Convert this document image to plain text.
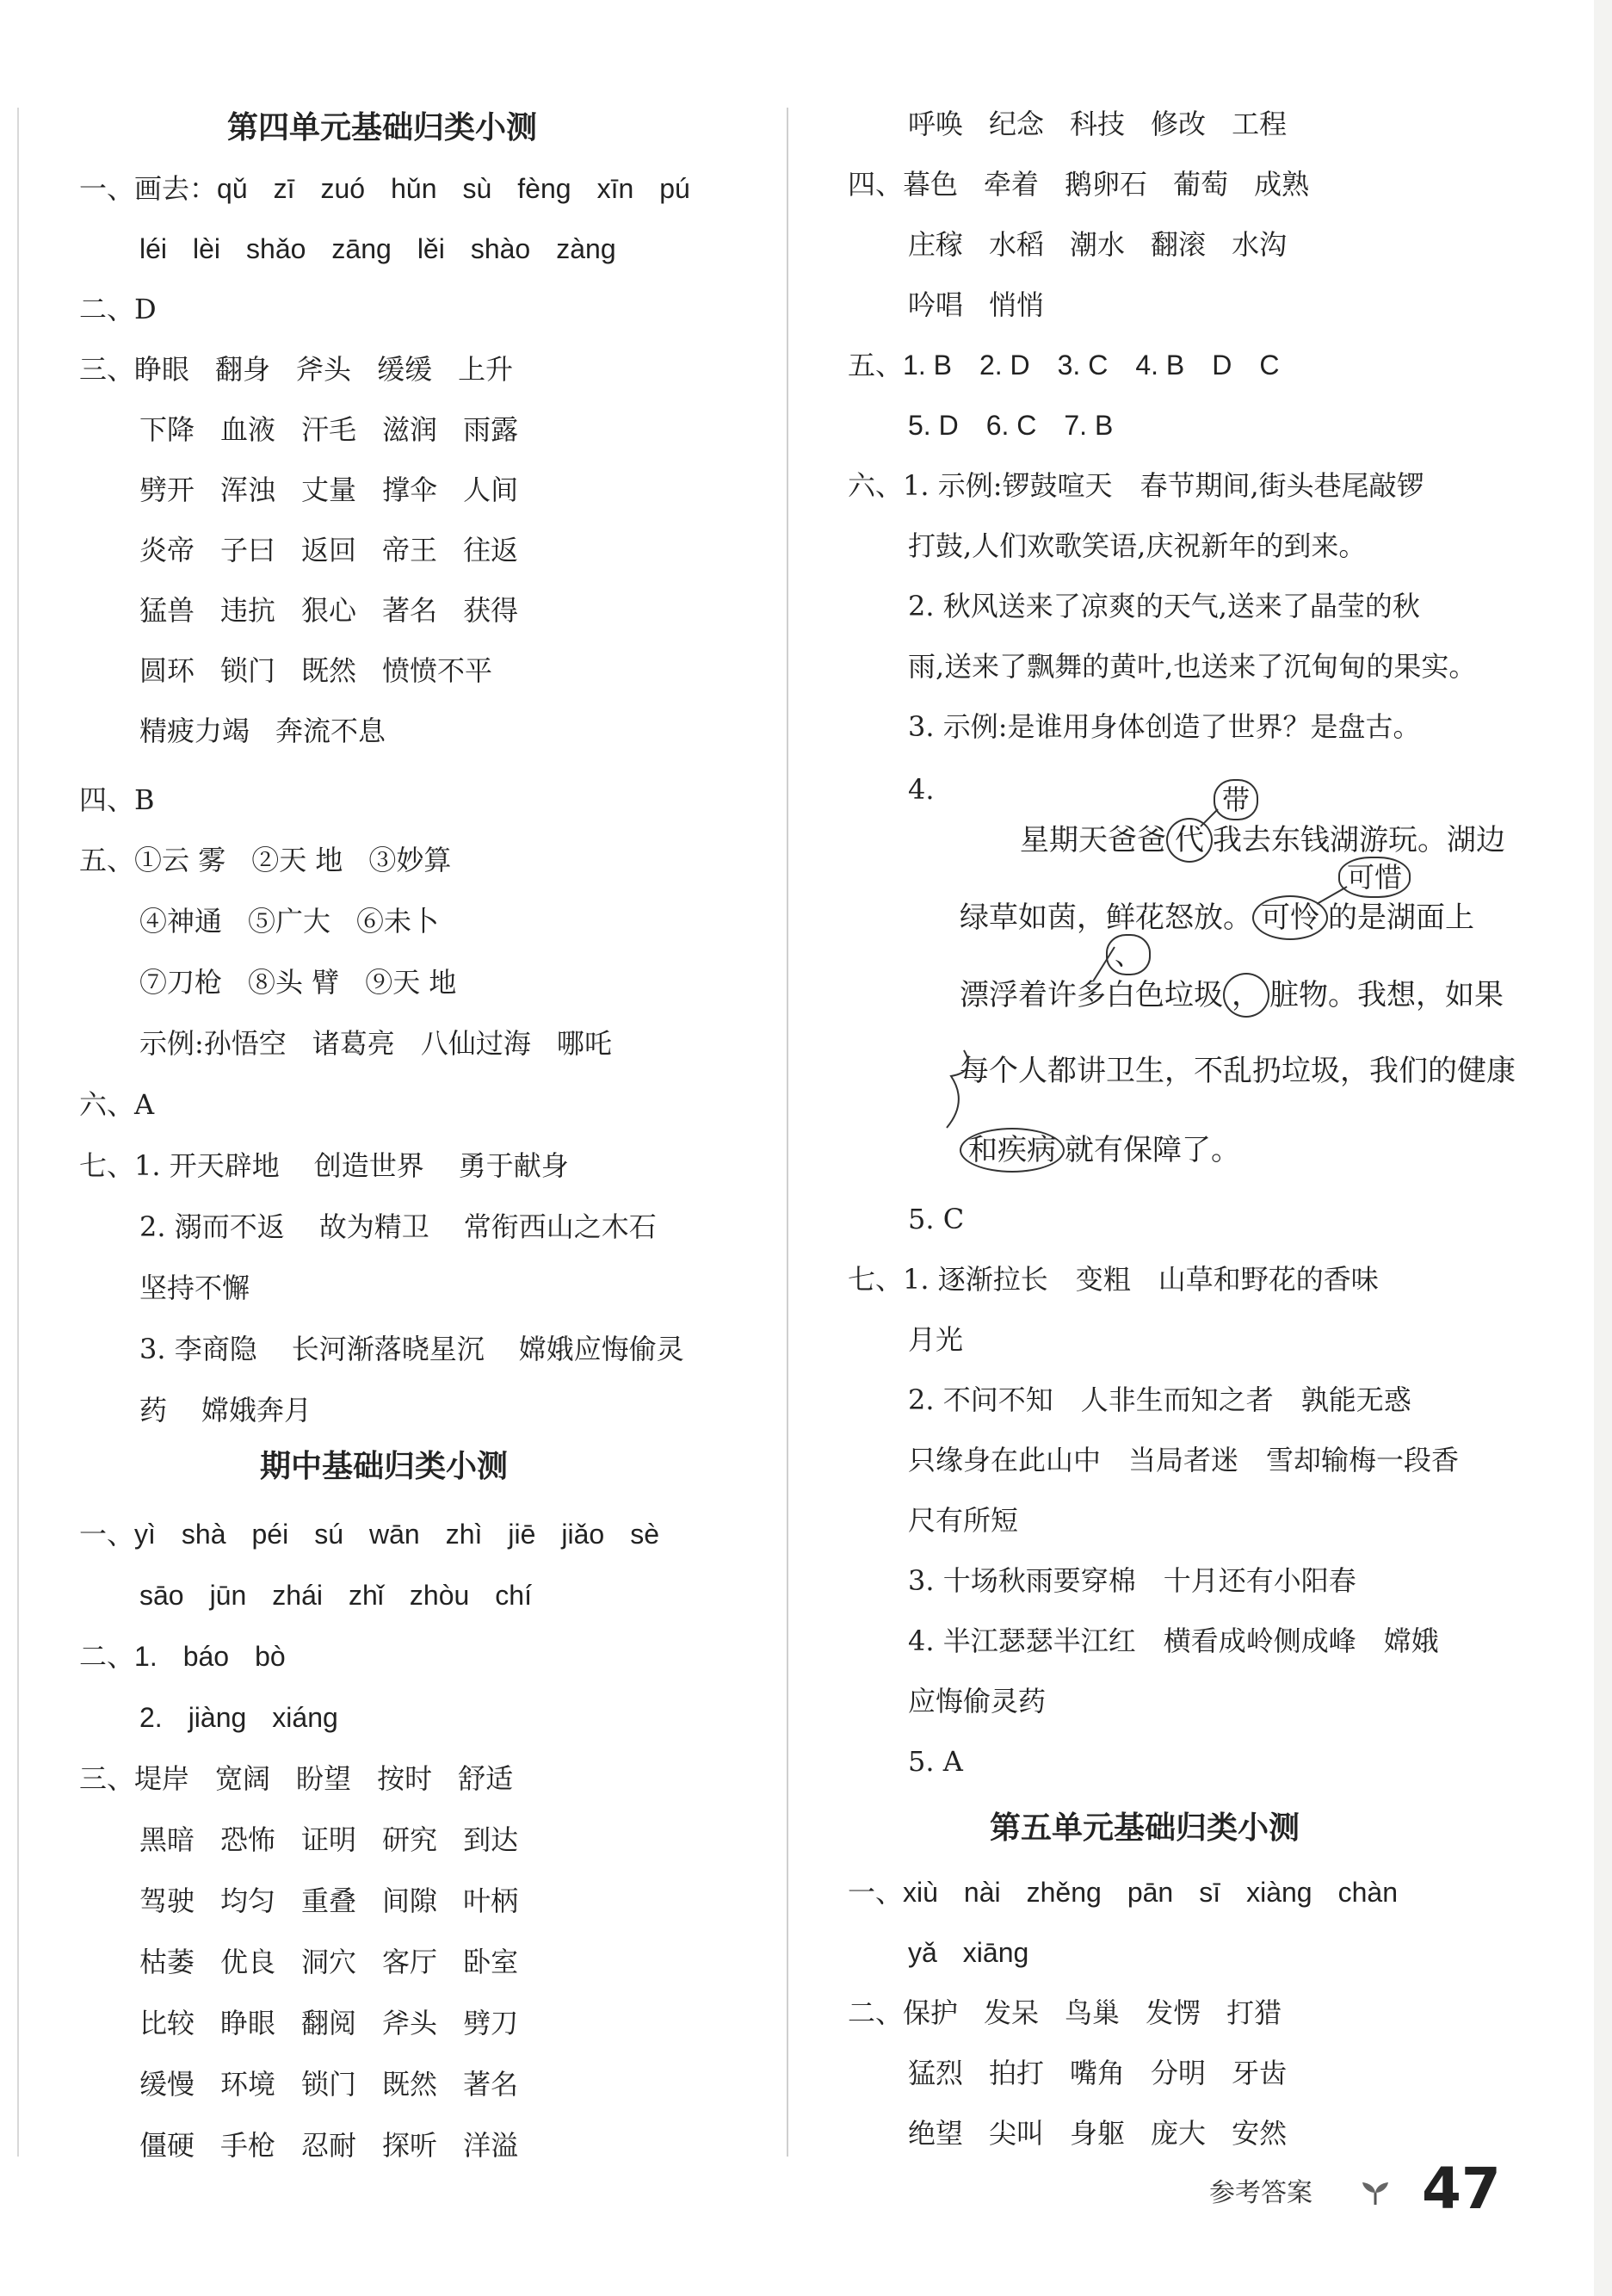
第四单元基础归类小测
一、画去：qǔ zī zuó hǔn sù fèng xīn pú
léi lèi shǎo zāng lěi shào zàng
二、D
三、睁眼 翻身 斧头 缓缓 上升
下降 血液 汗毛 滋润 雨露
劈开 浑浊 丈量 撑伞 人间
炎帝 子曰 返回 帝王 往返
猛兽 违抗 狠心 著名 获得
圆环 锁门 既然 愤愤不平
精疲力竭 奔流不息
四、B
五、①云 雾 ②天 地 ③妙算
④神通 ⑤广大 ⑥未卜
⑦刀枪 ⑧头 臂 ⑨天 地
示例:孙悟空 诸葛亮 八仙过海 哪吒
六、A
七、1. 开天辟地 创造世界 勇于献身
2. 溺而不返 故为精卫 常衔西山之木石
坚持不懈
3. 李商隐 长河渐落晓星沉 嫦娥应悔偷灵
药 嫦娥奔月
期中基础归类小测
一、yì shà péi sú wān zhì jiē jiǎo sè
sāo jūn zhái zhǐ zhòu chí
二、1. báo bò
2. jiàng xiáng
三、堤岸 宽阔 盼望 按时 舒适
黑暗 恐怖 证明 研究 到达
驾驶 均匀 重叠 间隙 叶柄
枯萎 优良 洞穴 客厅 卧室
比较 睁眼 翻阅 斧头 劈刀
缓慢 环境 锁门 既然 著名
僵硬 手枪 忍耐 探听 洋溢
呼唤 纪念 科技 修改 工程
四、暮色 牵着 鹅卵石 葡萄 成熟
庄稼 水稻 潮水 翻滚 水沟
吟唱 悄悄
五、1. B　2. D　3. C　4. B　D　C
5. D　6. C　7. B
六、1. 示例:锣鼓喧天　春节期间,街头巷尾敲锣
打鼓,人们欢歌笑语,庆祝新年的到来。
2. 秋风送来了凉爽的天气,送来了晶莹的秋
雨,送来了飘舞的黄叶,也送来了沉甸甸的果实。
3. 示例:是谁用身体创造了世界？是盘古。
4.
星期天爸爸 代 我去东钱湖游玩。湖边
绿草如茵，鲜花怒放。 可怜 的是湖面上
漂浮着许多白色垃圾 ， 脏物。我想，如果
每个人都讲卫生，不乱扔垃圾，我们的健康
和疾病 就有保障了。
带
可惜
、
5. C
七、1. 逐渐拉长　变粗　山草和野花的香味
月光
2. 不问不知　人非生而知之者　孰能无惑
只缘身在此山中　当局者迷　雪却输梅一段香
尺有所短
3. 十场秋雨要穿棉　十月还有小阳春
4. 半江瑟瑟半江红　横看成岭侧成峰　嫦娥
应悔偷灵药
5. A
第五单元基础归类小测
一、xiù nài zhěng pān sī xiàng chàn
yǎ xiāng
二、保护 发呆 鸟巢 发愣 打猎
猛烈 拍打 嘴角 分明 牙齿
绝望 尖叫 身躯 庞大 安然
参考答案 47
